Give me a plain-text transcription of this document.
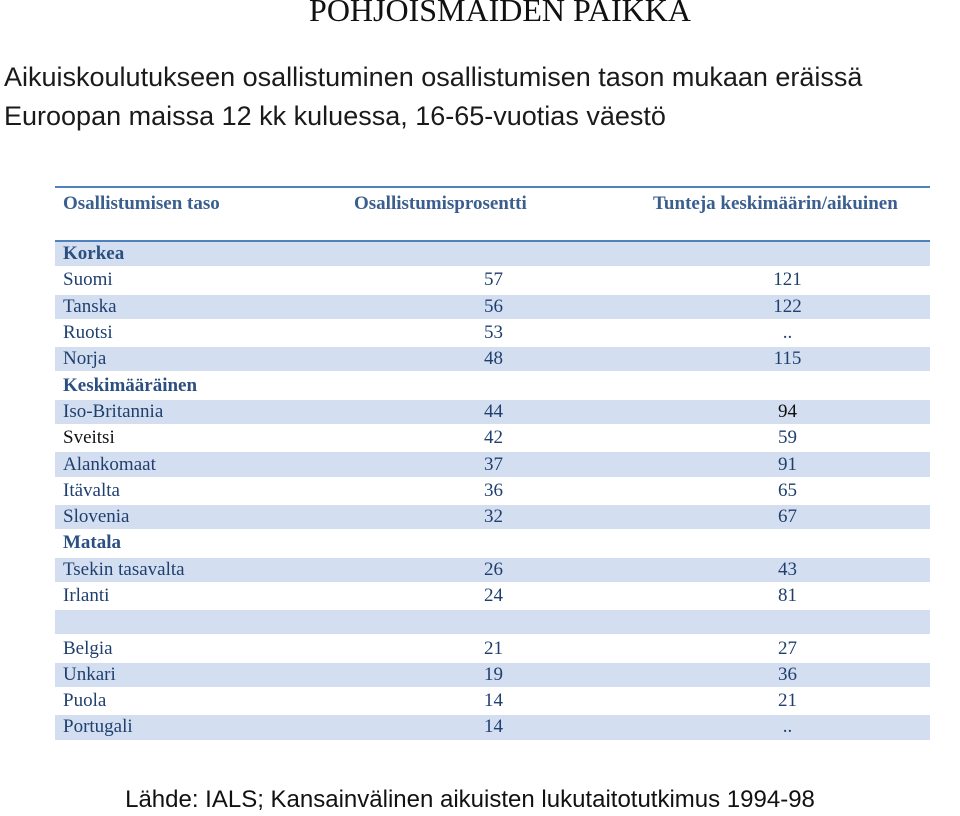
POHJOISMAIDEN PAIKKA
Aikuiskoulutukseen osallistuminen osallistumisen tason mukaan eräissä Euroopan maissa 12 kk kuluessa, 16-65-vuotias väestö
Osallistumisen taso	Osallistumisprosentti	Tunteja keskimäärin/aikuinen
Korkea		
Suomi	57	121
Tanska	56	122
Ruotsi	53	..
Norja	48	115
Keskimääräinen		
Iso-Britannia	44	94
Sveitsi	42	59
Alankomaat	37	91
Itävalta	36	65
Slovenia	32	67
Matala		
Tsekin tasavalta	26	43
Irlanti	24	81

Belgia	21	27
Unkari	19	36
Puola	14	21
Portugali	14	..
Lähde: IALS; Kansainvälinen aikuisten lukutaitotutkimus 1994-98
